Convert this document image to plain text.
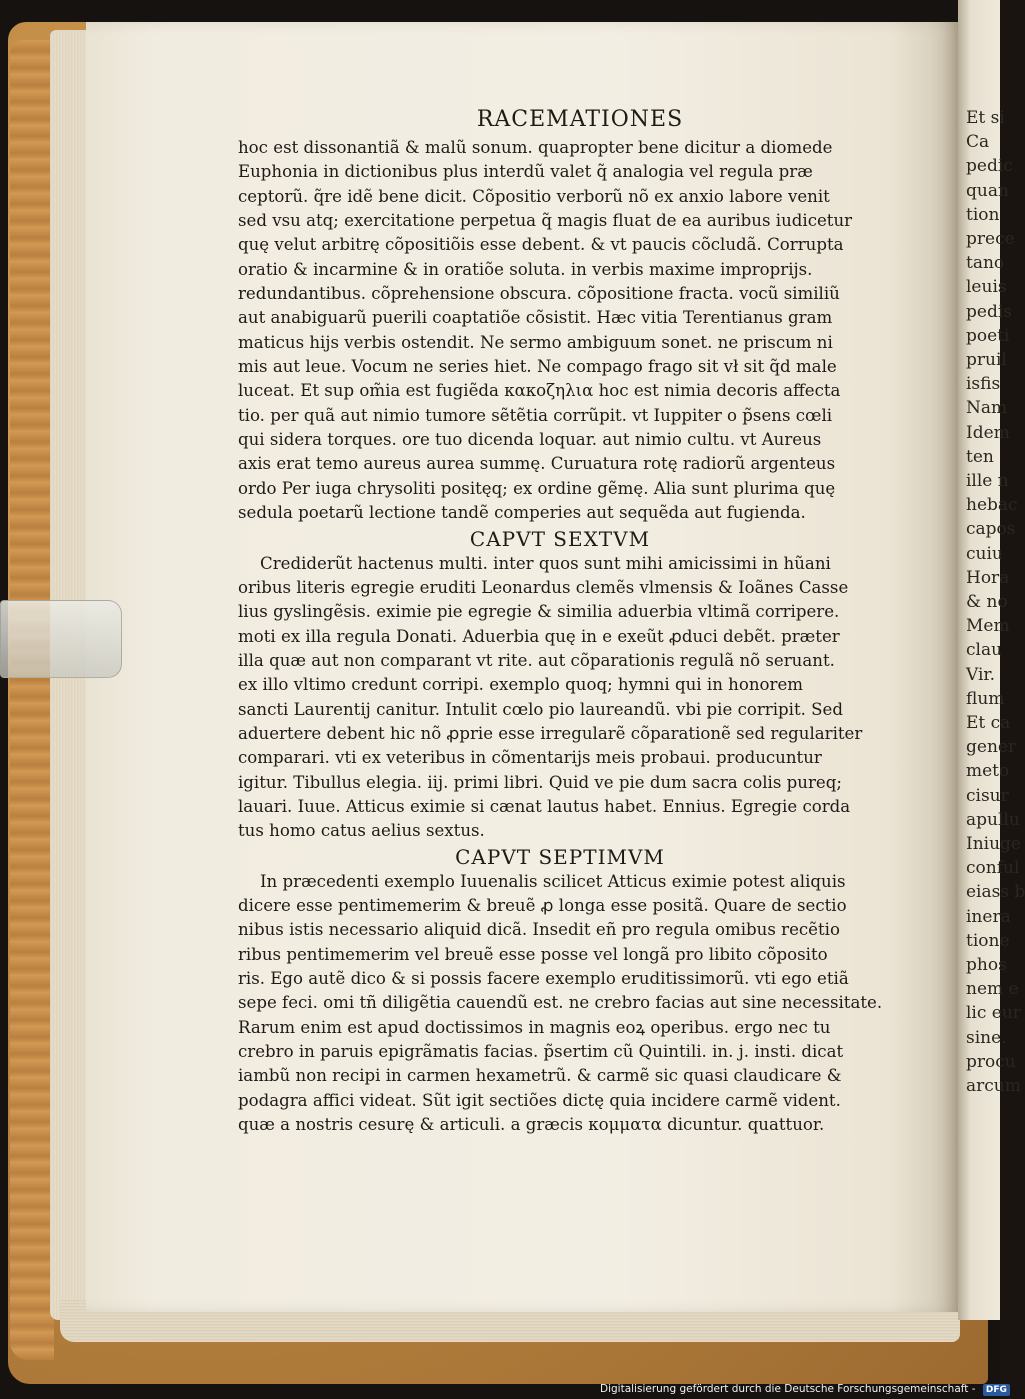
Et si
Ca
pedic
quan
tion
prece
tano
leuis
pedis
poeti
pruil
isfis
Nam
Idem
ten
ille n
hebac
capos
cuiu
Hora
& no
Mem
clau
Vir.
flum
Et ca
gener
meto
cisur
apullu
Iniuge
conful
eiass b
inera
tione
phos
nem e
lic eur
sine.
procu
arcum
RACEMATIONES
hoc est dissonantiã & malũ sonum. quapropter bene dicitur a diomede
Euphonia in dictionibus plus interdũ valet q̃ analogia vel regula præ
ceptorũ. q̃re idẽ bene dicit. Cõpositio verborũ nõ ex anxio labore venit
sed vsu atq; exercitatione perpetua q̃ magis fluat de ea auribus iudicetur
quę velut arbitrę cõpositiõis esse debent. & vt paucis cõcludã. Corrupta
oratio & incarmine & in oratiõe soluta. in verbis maxime improprijs.
redundantibus. cõprehensione obscura. cõpositione fracta. vocũ similiũ
aut anabiguarũ puerili coaptatiõe cõsistit. Hæc vitia Terentianus gram
maticus hijs verbis ostendit. Ne sermo ambiguum sonet. ne priscum ni
mis aut leue. Vocum ne series hiet. Ne compago frago sit vł sit q̃d male
luceat. Et sup om̃ia est fugiẽda κακοζηλια hoc est nimia decoris affecta
tio. per quã aut nimio tumore sẽtẽtia corrũpit. vt Iuppiter o p̃sens cœli
qui sidera torques. ore tuo dicenda loquar. aut nimio cultu. vt Aureus
axis erat temo aureus aurea summę. Curuatura rotę radiorũ argenteus
ordo Per iuga chrysoliti positęq; ex ordine gẽmę. Alia sunt plurima quę
sedula poetarũ lectione tandẽ comperies aut sequẽda aut fugienda.
CAPVT SEXTVM
Crediderũt hactenus multi. inter quos sunt mihi amicissimi in hũani
oribus literis egregie eruditi Leonardus clemẽs vlmensis & Ioãnes Casse
lius gyslingẽsis. eximie pie egregie & similia aduerbia vltimã corripere.
moti ex illa regula Donati. Aduerbia quę in e exeũt ꝓduci debẽt. præter
illa quæ aut non comparant vt rite. aut cõparationis regulã nõ seruant.
ex illo vltimo credunt corripi. exemplo quoq; hymni qui in honorem
sancti Laurentij canitur. Intulit cœlo pio laureandũ. vbi pie corripit. Sed
aduertere debent hic nõ ꝓprie esse irregularẽ cõparationẽ sed regulariter
comparari. vti ex veteribus in cõmentarijs meis probaui. producuntur
igitur. Tibullus elegia. iij. primi libri. Quid ve pie dum sacra colis pureq;
lauari. Iuue. Atticus eximie si cænat lautus habet. Ennius. Egregie corda
tus homo catus aelius sextus.
CAPVT SEPTIMVM
In præcedenti exemplo Iuuenalis scilicet Atticus eximie potest aliquis
dicere esse pentimemerim & breuẽ ꝓ longa esse positã. Quare de sectio
nibus istis necessario aliquid dicã. Insedit eñ pro regula omibus recẽtio
ribus pentimemerim vel breuẽ esse posse vel longã pro libito cõposito
ris. Ego autẽ dico & si possis facere exemplo eruditissimorũ. vti ego etiã
sepe feci. omi tñ diligẽtia cauendũ est. ne crebro facias aut sine necessitate.
Rarum enim est apud doctissimos in magnis eoꝝ operibus. ergo nec tu
crebro in paruis epigrãmatis facias. p̃sertim cũ Quintili. in. j. insti. dicat
iambũ non recipi in carmen hexametrũ. & carmẽ sic quasi claudicare &
podagra affici videat. Sũt igit sectiões dictę quia incidere carmẽ vident.
quæ a nostris cesurę & articuli. a græcis κομματα dicuntur. quattuor.
Digitalisierung gefördert durch die Deutsche Forschungsgemeinschaft - DFG
